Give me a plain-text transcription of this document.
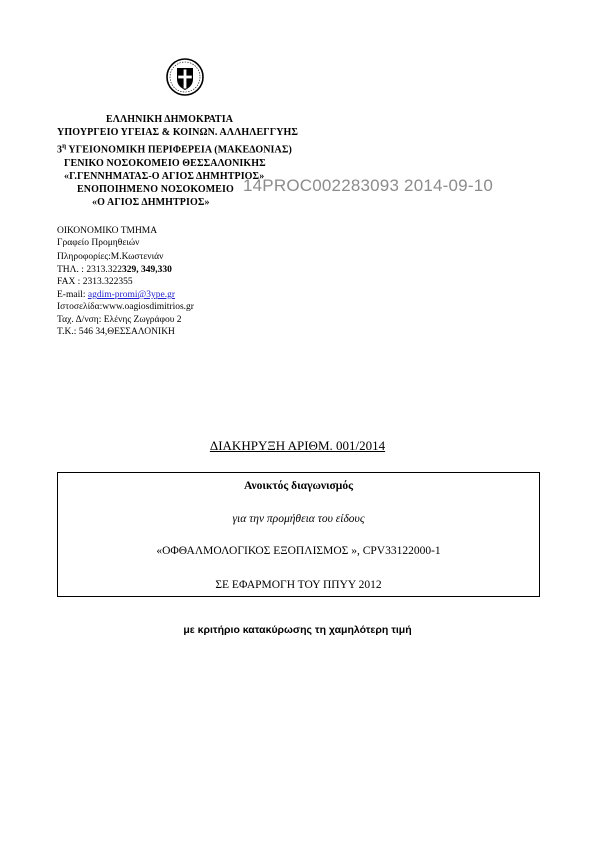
ΕΛΛΗΝΙΚΗ ΔΗΜΟΚΡΑΤΙΑ
ΥΠΟΥΡΓΕΙΟ ΥΓΕΙΑΣ & ΚΟΙΝΩΝ. ΑΛΛΗΛΕΓΓΥΗΣ
$3^\eta$ ΥΓΕΙΟΝΟΜΙΚΗ ΠΕΡΙΦΕΡΕΙΑ (ΜΑΚΕΔΟΝΙΑΣ)
ΓΕΝΙΚΟ ΝΟΣΟΚΟΜΕΙΟ ΘΕΣΣΑΛΟΝΙΚΗΣ
«Γ.ΓΕΝΝΗΜΑΤΑΣ-Ο ΑΓΙΟΣ ΔΗΜΗΤΡΙΟΣ»
ΕΝΟΠΟΙΗΜΕΝΟ ΝΟΣΟΚΟΜΕΙΟ
«Ο ΑΓΙΟΣ ΔΗΜΗΤΡΙΟΣ»
14PROC002283093 2014-09-10
ΟΙΚΟΝΟΜΙΚΟ ΤΜΗΜΑ
Γραφείο Προμηθειών
Πληροφορίες:Μ.Κωστενιάν
ΤΗΛ. : 2313.322329, 349,330
FAX : 2313.322355
E-mail: agdim-promi@3ype.gr
Ιστοσελίδα:www.oagiosdimitrios.gr
Ταχ. Δ/νση: Ελένης Ζωγράφου 2
Τ.Κ.: 546 34,ΘΕΣΣΑΛΟΝΙΚΗ
ΔΙΑΚΗΡΥΞΗ ΑΡΙΘΜ. 001/2014
Ανοικτός διαγωνισμός
για την προμήθεια του είδους
«ΟΦΘΑΛΜΟΛΟΓΙΚΟΣ ΕΞΟΠΛΙΣΜΟΣ », CPV33122000-1
ΣΕ ΕΦΑΡΜΟΓΗ ΤΟΥ ΠΠΥΥ 2012
με κριτήριο κατακύρωσης τη χαμηλότερη τιμή
